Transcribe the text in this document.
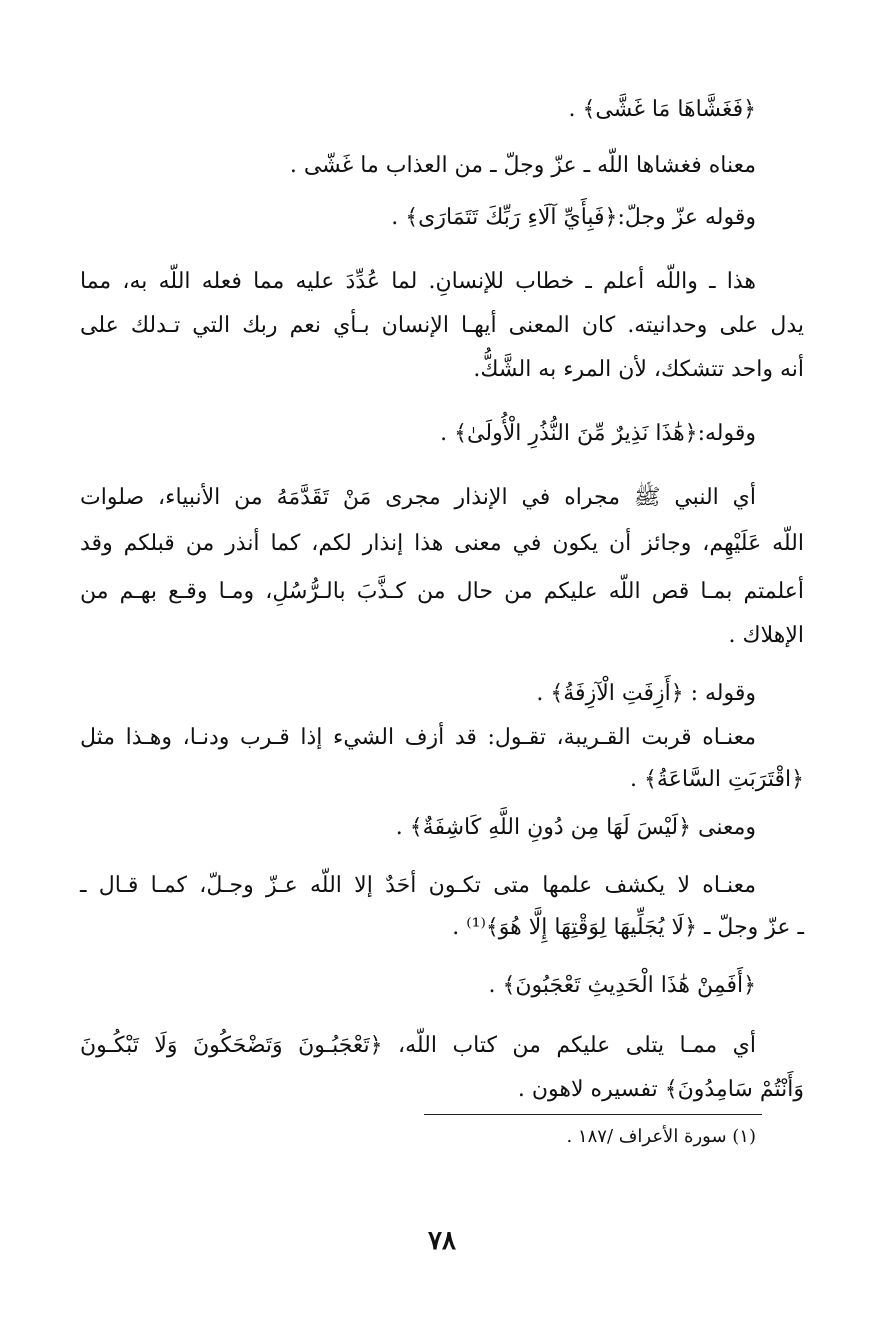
﴿فَغَشَّاهَا مَا غَشَّى﴾ .
معناه فغشاها اللّه ـ عزّ وجلّ ـ من العذاب ما غَشّى .
وقوله عزّ وجلّ:﴿فَبِأَيِّ آلَاءِ رَبِّكَ تَتَمَارَى﴾ .
هذا ـ واللّه أعلم ـ خطاب للإنسانِ. لما عُدِّدَ عليه مما فعله اللّه به، مما
يدل على وحدانيته. كان المعنى أيهـا الإنسان بـأي نعم ربك التي تـدلك على
أنه واحد تتشكك، لأن المرء به الشَّكُّ.
وقوله:﴿هَٰذَا نَذِيرٌ مِّنَ النُّذُرِ الْأُولَىٰ﴾ .
أي النبي ﷺ مجراه في الإنذار مجرى مَنْ تَقَدَّمَهُ من الأنبياء، صلوات
اللّه عَلَيْهِم، وجائز أن يكون في معنى هذا إنذار لكم، كما أنذر من قبلكم وقد
أعلمتم بمـا قص اللّه عليكم من حال من كـذَّبَ بالـرُّسُلِ، ومـا وقـع بهـم من
الإهلاك .
وقوله : ﴿أَزِفَتِ الْآزِفَةُ﴾ .
معنـاه قربت القـريبة، تقـول: قد أزف الشيء إذا قـرب ودنـا، وهـذا مثل
﴿اقْتَرَبَتِ السَّاعَةُ﴾ .
ومعنى ﴿لَيْسَ لَهَا مِن دُونِ اللَّهِ كَاشِفَةٌ﴾ .
معنـاه لا يكشف علمها متى تكـون أحَدٌ إلا اللّه عـزّ وجـلّ، كمـا قـال ـ
ـ عزّ وجلّ ـ ﴿لَا يُجَلِّيهَا لِوَقْتِهَا إِلَّا هُوَ﴾⁽¹⁾ .
﴿أَفَمِنْ هَٰذَا الْحَدِيثِ تَعْجَبُونَ﴾ .
أي ممـا يتلى عليكم من كتاب اللّه، ﴿تَعْجَبُـونَ وَتَضْحَكُونَ وَلَا تَبْكُـونَ
وَأَنْتُمْ سَامِدُونَ﴾ تفسيره لاهون .
(١) سورة الأعراف /١٨٧ .
٧٨
